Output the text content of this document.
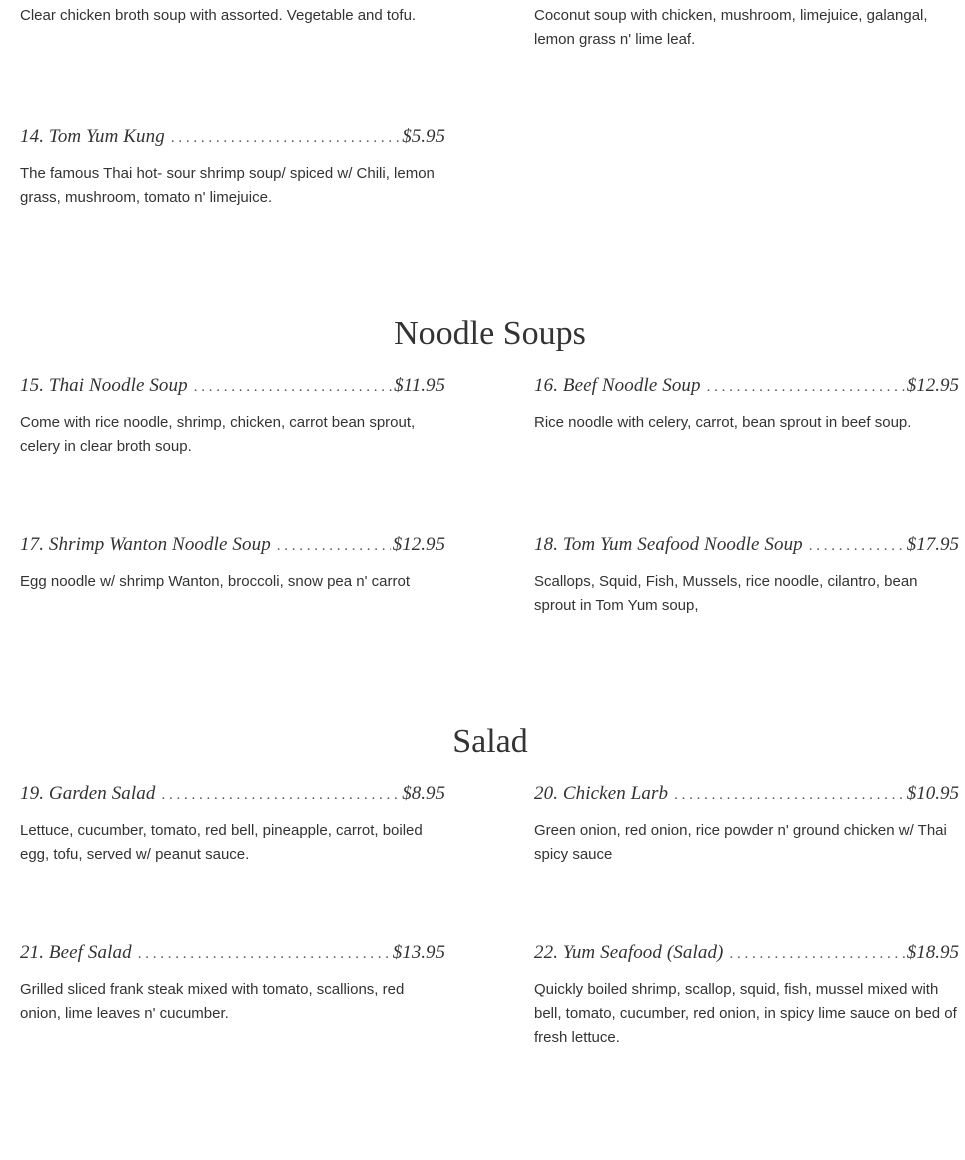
Clear chicken broth soup with assorted. Vegetable and tofu.	Coconut soup with chicken, mushroom, limejuice, galangal, lemon grass n' lime leaf.
14. Tom Yum Kung . . .	$5.95
The famous Thai hot- sour shrimp soup/ spiced w/ Chili, lemon grass, mushroom, tomato n' limejuice.
Noodle Soups
15. Thai Noodle Soup . . .	$11.95
Come with rice noodle, shrimp, chicken, carrot bean sprout, celery in clear broth soup.
16. Beef Noodle Soup . . .	$12.95
Rice noodle with celery, carrot, bean sprout in beef soup.
17. Shrimp Wanton Noodle Soup . . .	$12.95
Egg noodle w/ shrimp Wanton, broccoli, snow pea n' carrot
18. Tom Yum Seafood Noodle Soup . . .	$17.95
Scallops, Squid, Fish, Mussels, rice noodle, cilantro, bean sprout in Tom Yum soup,
Salad
19. Garden Salad . . .	$8.95
Lettuce, cucumber, tomato, red bell, pineapple, carrot, boiled egg, tofu, served w/ peanut sauce.
20. Chicken Larb . . .	$10.95
Green onion, red onion, rice powder n' ground chicken w/ Thai spicy sauce
21. Beef Salad . . .	$13.95
Grilled sliced frank steak mixed with tomato, scallions, red onion, lime leaves n' cucumber.
22. Yum Seafood (Salad) . . .	$18.95
Quickly boiled shrimp, scallop, squid, fish, mussel mixed with bell, tomato, cucumber, red onion, in spicy lime sauce on bed of fresh lettuce.
